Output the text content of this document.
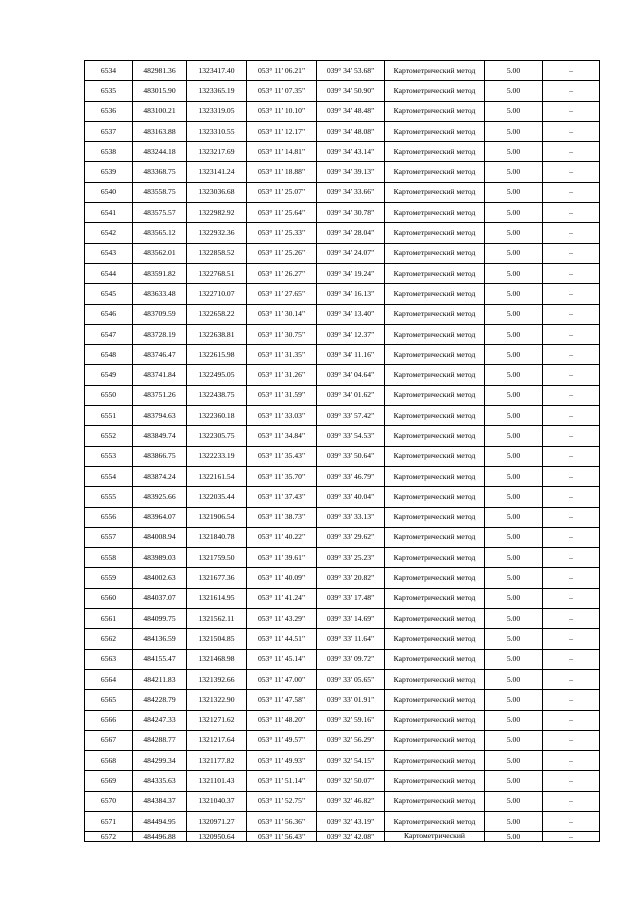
6534	482981.36	1323417.40	053° 11' 06.21"	039° 34' 53.68"	Картометрический метод	5.00	–
6535	483015.90	1323365.19	053° 11' 07.35"	039° 34' 50.90"	Картометрический метод	5.00	–
6536	483100.21	1323319.05	053° 11' 10.10"	039° 34' 48.48"	Картометрический метод	5.00	–
6537	483163.88	1323310.55	053° 11' 12.17"	039° 34' 48.08"	Картометрический метод	5.00	–
6538	483244.18	1323217.69	053° 11' 14.81"	039° 34' 43.14"	Картометрический метод	5.00	–
6539	483368.75	1323141.24	053° 11' 18.88"	039° 34' 39.13"	Картометрический метод	5.00	–
6540	483558.75	1323036.68	053° 11' 25.07"	039° 34' 33.66"	Картометрический метод	5.00	–
6541	483575.57	1322982.92	053° 11' 25.64"	039° 34' 30.78"	Картометрический метод	5.00	–
6542	483565.12	1322932.36	053° 11' 25.33"	039° 34' 28.04"	Картометрический метод	5.00	–
6543	483562.01	1322858.52	053° 11' 25.26"	039° 34' 24.07"	Картометрический метод	5.00	–
6544	483591.82	1322768.51	053° 11' 26.27"	039° 34' 19.24"	Картометрический метод	5.00	–
6545	483633.48	1322710.07	053° 11' 27.65"	039° 34' 16.13"	Картометрический метод	5.00	–
6546	483709.59	1322658.22	053° 11' 30.14"	039° 34' 13.40"	Картометрический метод	5.00	–
6547	483728.19	1322638.81	053° 11' 30.75"	039° 34' 12.37"	Картометрический метод	5.00	–
6548	483746.47	1322615.98	053° 11' 31.35"	039° 34' 11.16"	Картометрический метод	5.00	–
6549	483741.84	1322495.05	053° 11' 31.26"	039° 34' 04.64"	Картометрический метод	5.00	–
6550	483751.26	1322438.75	053° 11' 31.59"	039° 34' 01.62"	Картометрический метод	5.00	–
6551	483794.63	1322360.18	053° 11' 33.03"	039° 33' 57.42"	Картометрический метод	5.00	–
6552	483849.74	1322305.75	053° 11' 34.84"	039° 33' 54.53"	Картометрический метод	5.00	–
6553	483866.75	1322233.19	053° 11' 35.43"	039° 33' 50.64"	Картометрический метод	5.00	–
6554	483874.24	1322161.54	053° 11' 35.70"	039° 33' 46.79"	Картометрический метод	5.00	–
6555	483925.66	1322035.44	053° 11' 37.43"	039° 33' 40.04"	Картометрический метод	5.00	–
6556	483964.07	1321906.54	053° 11' 38.73"	039° 33' 33.13"	Картометрический метод	5.00	–
6557	484008.94	1321840.78	053° 11' 40.22"	039° 33' 29.62"	Картометрический метод	5.00	–
6558	483989.03	1321759.50	053° 11' 39.61"	039° 33' 25.23"	Картометрический метод	5.00	–
6559	484002.63	1321677.36	053° 11' 40.09"	039° 33' 20.82"	Картометрический метод	5.00	–
6560	484037.07	1321614.95	053° 11' 41.24"	039° 33' 17.48"	Картометрический метод	5.00	–
6561	484099.75	1321562.11	053° 11' 43.29"	039° 33' 14.69"	Картометрический метод	5.00	–
6562	484136.59	1321504.85	053° 11' 44.51"	039° 33' 11.64"	Картометрический метод	5.00	–
6563	484155.47	1321468.98	053° 11' 45.14"	039° 33' 09.72"	Картометрический метод	5.00	–
6564	484211.83	1321392.66	053° 11' 47.00"	039° 33' 05.65"	Картометрический метод	5.00	–
6565	484228.79	1321322.90	053° 11' 47.58"	039° 33' 01.91"	Картометрический метод	5.00	–
6566	484247.33	1321271.62	053° 11' 48.20"	039° 32' 59.16"	Картометрический метод	5.00	–
6567	484288.77	1321217.64	053° 11' 49.57"	039° 32' 56.29"	Картометрический метод	5.00	–
6568	484299.34	1321177.82	053° 11' 49.93"	039° 32' 54.15"	Картометрический метод	5.00	–
6569	484335.63	1321101.43	053° 11' 51.14"	039° 32' 50.07"	Картометрический метод	5.00	–
6570	484384.37	1321040.37	053° 11' 52.75"	039° 32' 46.82"	Картометрический метод	5.00	–
6571	484494.95	1320971.27	053° 11' 56.36"	039° 32' 43.19"	Картометрический метод	5.00	–
6572	484496.88	1320950.64	053° 11' 56.43"	039° 32' 42.08"	Картометрический	5.00	–
